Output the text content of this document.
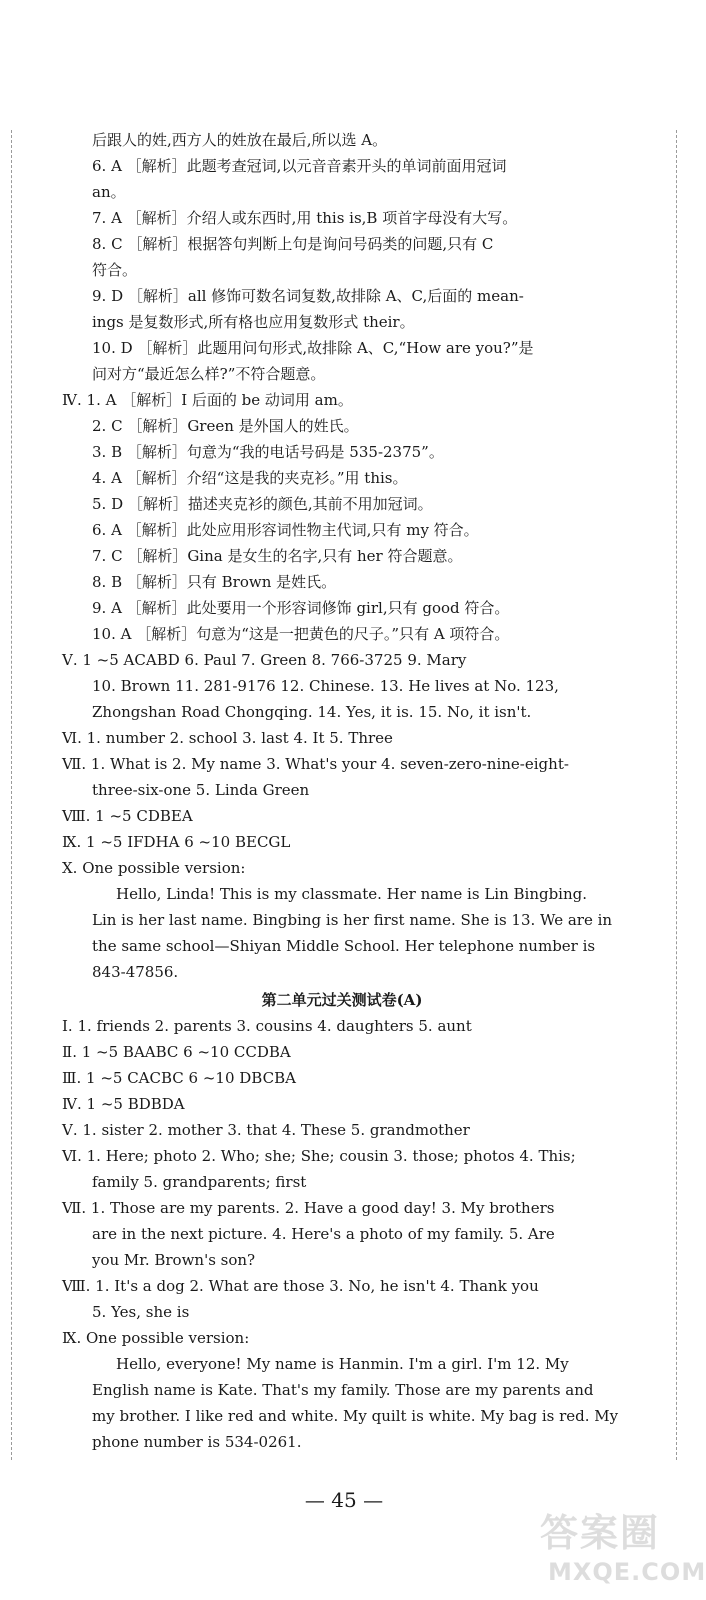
后跟人的姓,西方人的姓放在最后,所以选 A。
6. A ［解析］此题考查冠词,以元音音素开头的单词前面用冠词
an。
7. A ［解析］介绍人或东西时,用 this is,B 项首字母没有大写。
8. C ［解析］根据答句判断上句是询问号码类的问题,只有 C
符合。
9. D ［解析］all 修饰可数名词复数,故排除 A、C,后面的 mean-
ings 是复数形式,所有格也应用复数形式 their。
10. D ［解析］此题用问句形式,故排除 A、C,“How are you?”是
问对方“最近怎么样?”不符合题意。
Ⅳ. 1. A ［解析］I 后面的 be 动词用 am。
2. C ［解析］Green 是外国人的姓氏。
3. B ［解析］句意为“我的电话号码是 535-2375”。
4. A ［解析］介绍“这是我的夹克衫。”用 this。
5. D ［解析］描述夹克衫的颜色,其前不用加冠词。
6. A ［解析］此处应用形容词性物主代词,只有 my 符合。
7. C ［解析］Gina 是女生的名字,只有 her 符合题意。
8. B ［解析］只有 Brown 是姓氏。
9. A ［解析］此处要用一个形容词修饰 girl,只有 good 符合。
10. A ［解析］句意为“这是一把黄色的尺子。”只有 A 项符合。
Ⅴ. 1 ~5 ACABD 6. Paul 7. Green 8. 766-3725 9. Mary
10. Brown 11. 281-9176 12. Chinese. 13. He lives at No. 123,
Zhongshan Road Chongqing. 14. Yes, it is. 15. No, it isn't.
Ⅵ. 1. number 2. school 3. last 4. It 5. Three
Ⅶ. 1. What is 2. My name 3. What's your 4. seven-zero-nine-eight-
three-six-one 5. Linda Green
Ⅷ. 1 ~5 CDBEA
Ⅸ. 1 ~5 IFDHA 6 ~10 BECGL
Ⅹ. One possible version:
Hello, Linda! This is my classmate. Her name is Lin Bingbing.
Lin is her last name. Bingbing is her first name. She is 13. We are in
the same school—Shiyan Middle School. Her telephone number is
843-47856.
第二单元过关测试卷(A)
Ⅰ. 1. friends 2. parents 3. cousins 4. daughters 5. aunt
Ⅱ. 1 ~5 BAABC 6 ~10 CCDBA
Ⅲ. 1 ~5 CACBC 6 ~10 DBCBA
Ⅳ. 1 ~5 BDBDA
Ⅴ. 1. sister 2. mother 3. that 4. These 5. grandmother
Ⅵ. 1. Here; photo 2. Who; she; She; cousin 3. those; photos 4. This;
family 5. grandparents; first
Ⅶ. 1. Those are my parents. 2. Have a good day! 3. My brothers
are in the next picture. 4. Here's a photo of my family. 5. Are
you Mr. Brown's son?
Ⅷ. 1. It's a dog 2. What are those 3. No, he isn't 4. Thank you
5. Yes, she is
Ⅸ. One possible version:
Hello, everyone! My name is Hanmin. I'm a girl. I'm 12. My
English name is Kate. That's my family. Those are my parents and
my brother. I like red and white. My quilt is white. My bag is red. My
phone number is 534-0261.
— 45 —
答案圈
MXQE.COM
